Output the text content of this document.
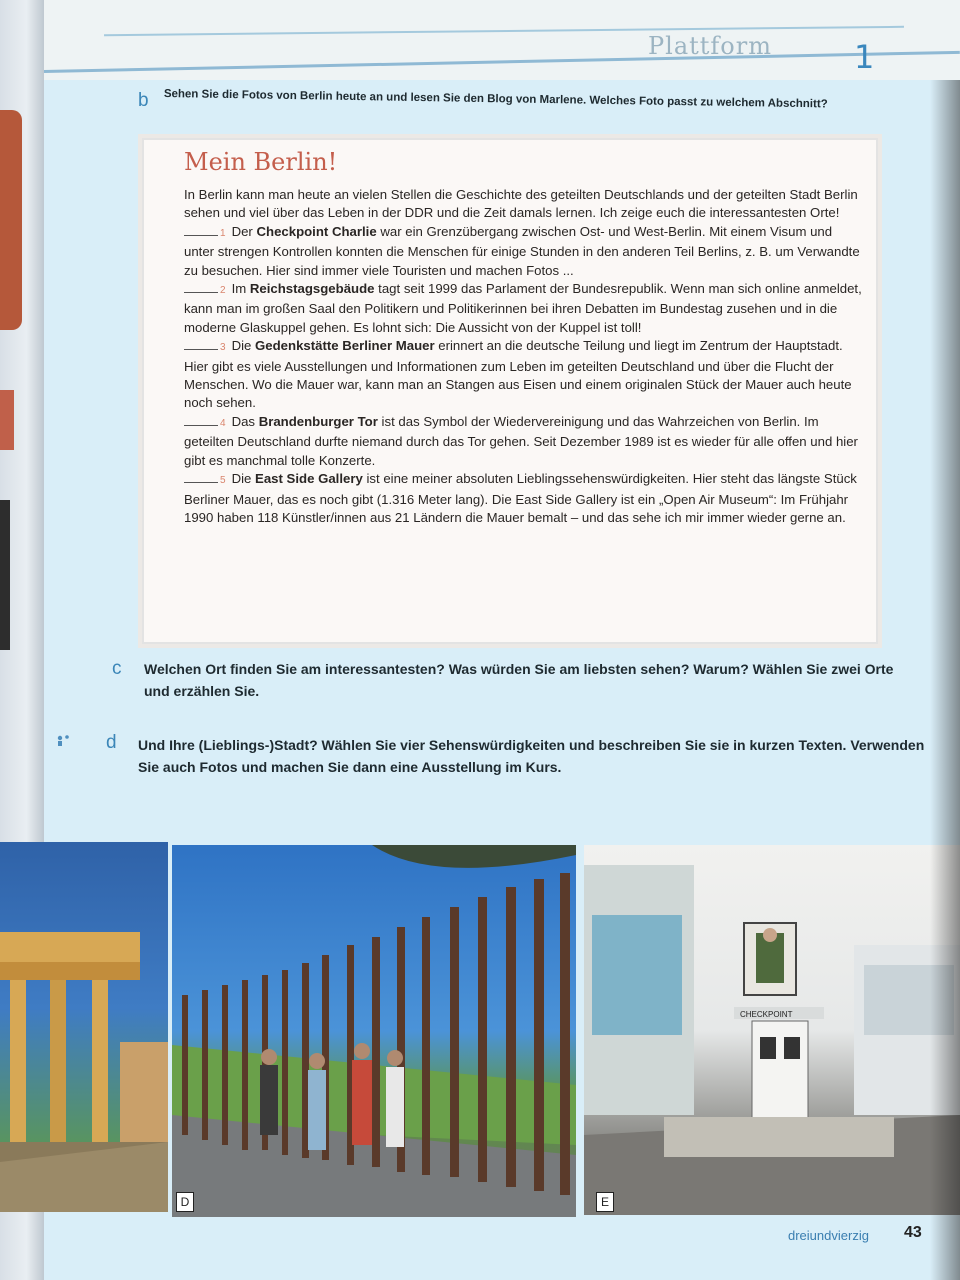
Plattform	1
b Sehen Sie die Fotos von Berlin heute an und lesen Sie den Blog von Marlene. Welches Foto passt zu welchem Abschnitt?
Mein Berlin!

In Berlin kann man heute an vielen Stellen die Geschichte des geteilten Deutschlands und der geteilten Stadt Berlin sehen und viel über das Leben in der DDR und die Zeit damals lernen. Ich zeige euch die interessantesten Orte!

1 Der Checkpoint Charlie war ein Grenzübergang zwischen Ost- und West-Berlin. Mit einem Visum und unter strengen Kontrollen konnten die Menschen für einige Stunden in den anderen Teil Berlins, z. B. um Verwandte zu besuchen. Hier sind immer viele Touristen und machen Fotos ...

2 Im Reichstagsgebäude tagt seit 1999 das Parlament der Bundesrepublik. Wenn man sich online anmeldet, kann man im großen Saal den Politikern und Politikerinnen bei ihren Debatten im Bundestag zusehen und in die moderne Glaskuppel gehen. Es lohnt sich: Die Aussicht von der Kuppel ist toll!

3 Die Gedenkstätte Berliner Mauer erinnert an die deutsche Teilung und liegt im Zentrum der Hauptstadt. Hier gibt es viele Ausstellungen und Informationen zum Leben im geteilten Deutschland und über die Flucht der Menschen. Wo die Mauer war, kann man an Stangen aus Eisen und einem originalen Stück der Mauer auch heute noch sehen.

4 Das Brandenburger Tor ist das Symbol der Wiedervereinigung und das Wahrzeichen von Berlin. Im geteilten Deutschland durfte niemand durch das Tor gehen. Seit Dezember 1989 ist es wieder für alle offen und hier gibt es manchmal tolle Konzerte.

5 Die East Side Gallery ist eine meiner absoluten Lieblingssehenswürdigkeiten. Hier steht das längste Stück Berliner Mauer, das es noch gibt (1.316 Meter lang). Die East Side Gallery ist ein „Open Air Museum“: Im Frühjahr 1990 haben 118 Künstler/innen aus 21 Ländern die Mauer bemalt – und das sehe ich mir immer wieder gerne an.

c Welchen Ort finden Sie am interessantesten? Was würden Sie am liebsten sehen? Warum? Wählen Sie zwei Orte und erzählen Sie.
d Und Ihre (Lieblings-)Stadt? Wählen Sie vier Sehenswürdigkeiten und beschreiben Sie sie in kurzen Texten. Verwenden Sie auch Fotos und machen Sie dann eine Ausstellung im Kurs.
CHECKPOINT
D	E
dreiundvierzig 43
